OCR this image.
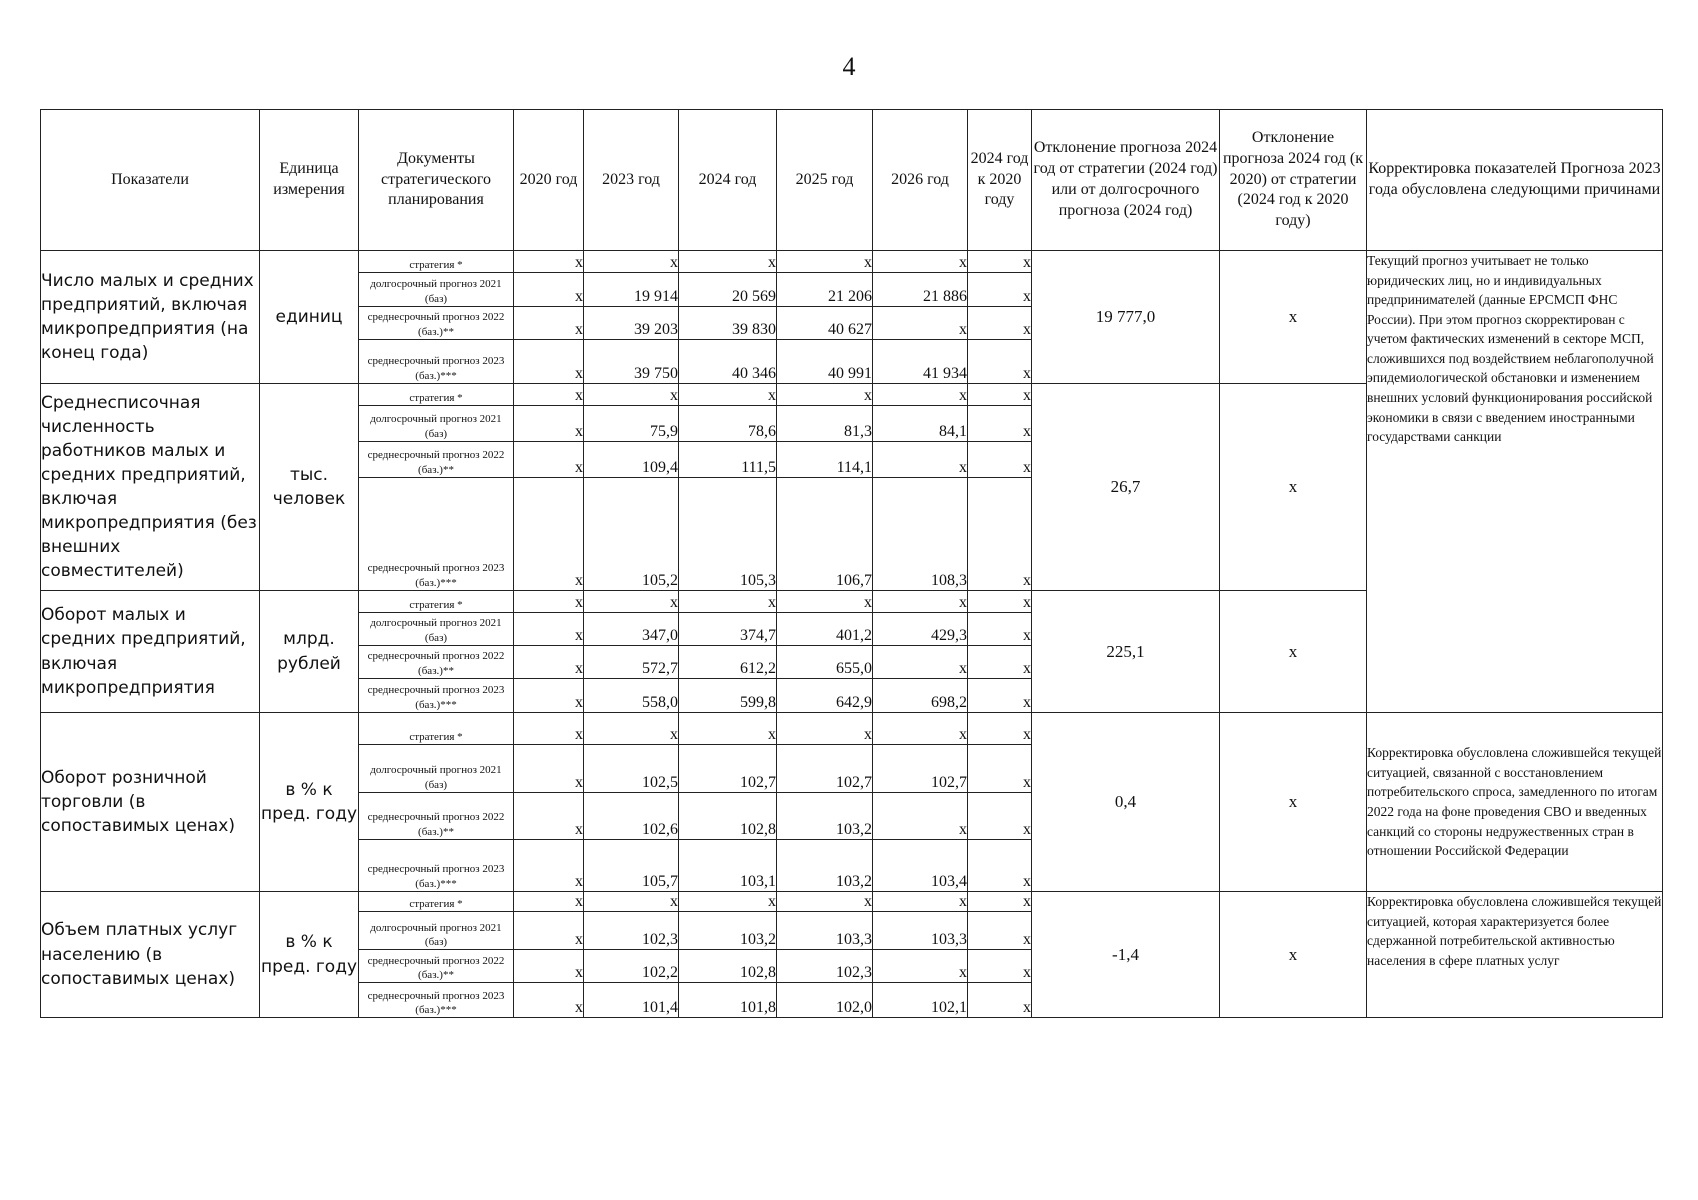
4
Показатели	Единица измерения	Документы стратегического планирования	2020 год	2023 год	2024 год	2025 год	2026 год	2024 год к 2020 году	Отклонение прогноза 2024 год от стратегии (2024 год) или от долгосрочного прогноза (2024 год)	Отклонение прогноза 2024 год (к 2020) от стратегии (2024 год к 2020 году)	Корректировка показателей Прогноза 2023 года обусловлена следующими причинами
Число малых и средних предприятий, включая микропредприятия (на конец года)	единиц	стратегия *	x	x	x	x	x	x	19 777,0	x	Текущий прогноз учитывает не только юридических лиц, но и индивидуальных предпринимателей (данные ЕРСМСП ФНС России). При этом прогноз скорректирован с учетом фактических изменений в секторе МСП, сложившихся под воздействием неблагополучной эпидемиологической обстановки и изменением внешних условий функционирования российской экономики в связи с введением иностранными государствами санкции
		долгосрочный прогноз 2021 (баз)	x	19 914	20 569	21 206	21 886	x			
		среднесрочный прогноз 2022 (баз.)**	x	39 203	39 830	40 627	x	x			
		среднесрочный прогноз 2023 (баз.)***	x	39 750	40 346	40 991	41 934	x			
Среднесписочная численность работников малых и средних предприятий, включая микропредприятия (без внешних совместителей)	тыс. человек	стратегия *	x	x	x	x	x	x	26,7	x	
		долгосрочный прогноз 2021 (баз)	x	75,9	78,6	81,3	84,1	x			
		среднесрочный прогноз 2022 (баз.)**	x	109,4	111,5	114,1	x	x			
		среднесрочный прогноз 2023 (баз.)***	x	105,2	105,3	106,7	108,3	x			
Оборот малых и средних предприятий, включая микропредприятия	млрд. рублей	стратегия *	x	x	x	x	x	x	225,1	x	
		долгосрочный прогноз 2021 (баз)	x	347,0	374,7	401,2	429,3	x			
		среднесрочный прогноз 2022 (баз.)**	x	572,7	612,2	655,0	x	x			
		среднесрочный прогноз 2023 (баз.)***	x	558,0	599,8	642,9	698,2	x			
Оборот розничной торговли (в сопоставимых ценах)	в % к пред. году	стратегия *	x	x	x	x	x	x	0,4	x	Корректировка обусловлена сложившейся текущей ситуацией, связанной с восстановлением потребительского спроса, замедленного по итогам 2022 года на фоне проведения СВО и введенных санкций со стороны недружественных стран в отношении Российской Федерации
		долгосрочный прогноз 2021 (баз)	x	102,5	102,7	102,7	102,7	x			
		среднесрочный прогноз 2022 (баз.)**	x	102,6	102,8	103,2	x	x			
		среднесрочный прогноз 2023 (баз.)***	x	105,7	103,1	103,2	103,4	x			
Объем платных услуг населению (в сопоставимых ценах)	в % к пред. году	стратегия *	x	x	x	x	x	x	-1,4	x	Корректировка обусловлена сложившейся текущей ситуацией, которая характеризуется более сдержанной потребительской активностью населения в сфере платных услуг
		долгосрочный прогноз 2021 (баз)	x	102,3	103,2	103,3	103,3	x			
		среднесрочный прогноз 2022 (баз.)**	x	102,2	102,8	102,3	x	x			
		среднесрочный прогноз 2023 (баз.)***	x	101,4	101,8	102,0	102,1	x			
